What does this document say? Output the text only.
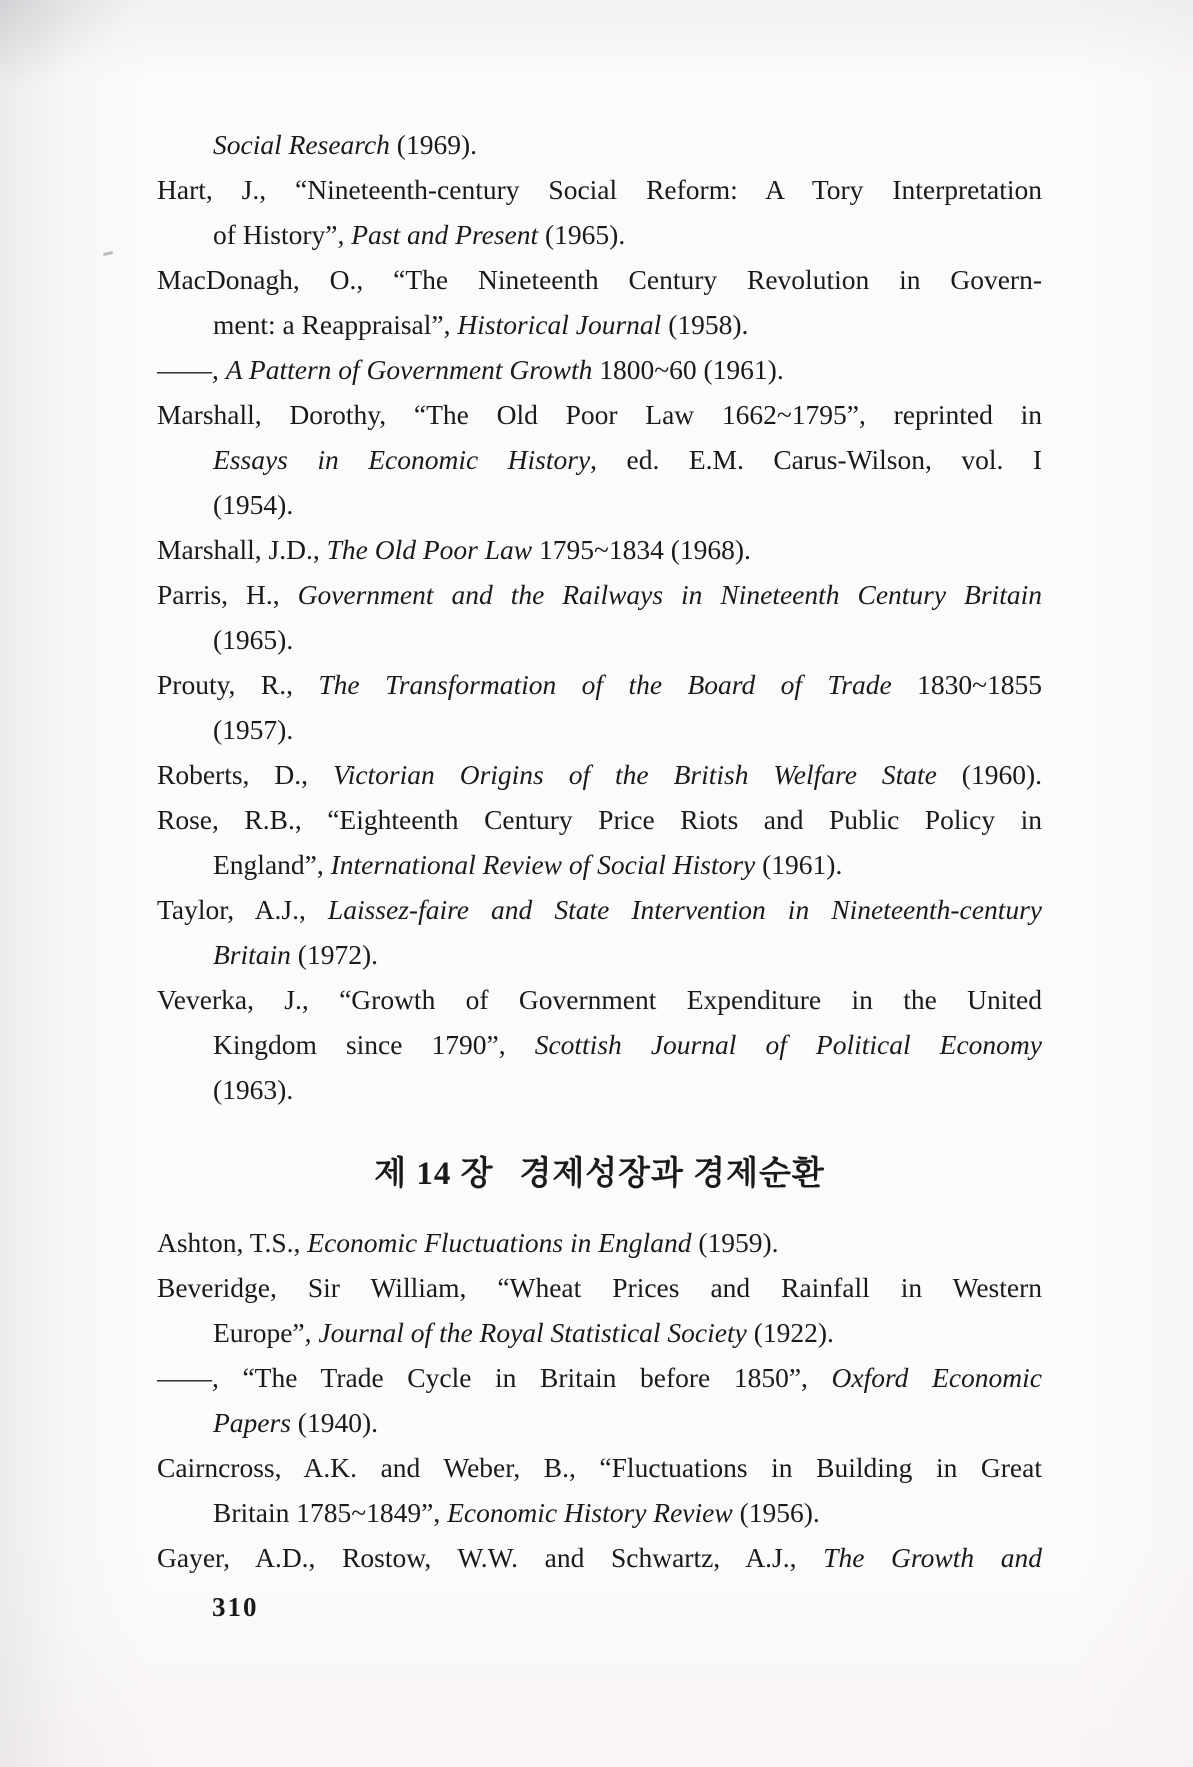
Social Research (1969).
Hart, J., “Nineteenth-century Social Reform: A Tory Interpretation
of History”, Past and Present (1965).
MacDonagh, O., “The Nineteenth Century Revolution in Govern-
ment: a Reappraisal”, Historical Journal (1958).
——, A Pattern of Government Growth 1800~60 (1961).
Marshall, Dorothy, “The Old Poor Law 1662~1795”, reprinted in
Essays in Economic History, ed. E.M. Carus-Wilson, vol. I
(1954).
Marshall, J.D., The Old Poor Law 1795~1834 (1968).
Parris, H., Government and the Railways in Nineteenth Century Britain
(1965).
Prouty, R., The Transformation of the Board of Trade 1830~1855
(1957).
Roberts, D., Victorian Origins of the British Welfare State (1960).
Rose, R.B., “Eighteenth Century Price Riots and Public Policy in
England”, International Review of Social History (1961).
Taylor, A.J., Laissez-faire and State Intervention in Nineteenth-century
Britain (1972).
Veverka, J., “Growth of Government Expenditure in the United
Kingdom since 1790”, Scottish Journal of Political Economy
(1963).
제 14 장 경제성장과 경제순환
Ashton, T.S., Economic Fluctuations in England (1959).
Beveridge, Sir William, “Wheat Prices and Rainfall in Western
Europe”, Journal of the Royal Statistical Society (1922).
——, “The Trade Cycle in Britain before 1850”, Oxford Economic
Papers (1940).
Cairncross, A.K. and Weber, B., “Fluctuations in Building in Great
Britain 1785~1849”, Economic History Review (1956).
Gayer, A.D., Rostow, W.W. and Schwartz, A.J., The Growth and
310
